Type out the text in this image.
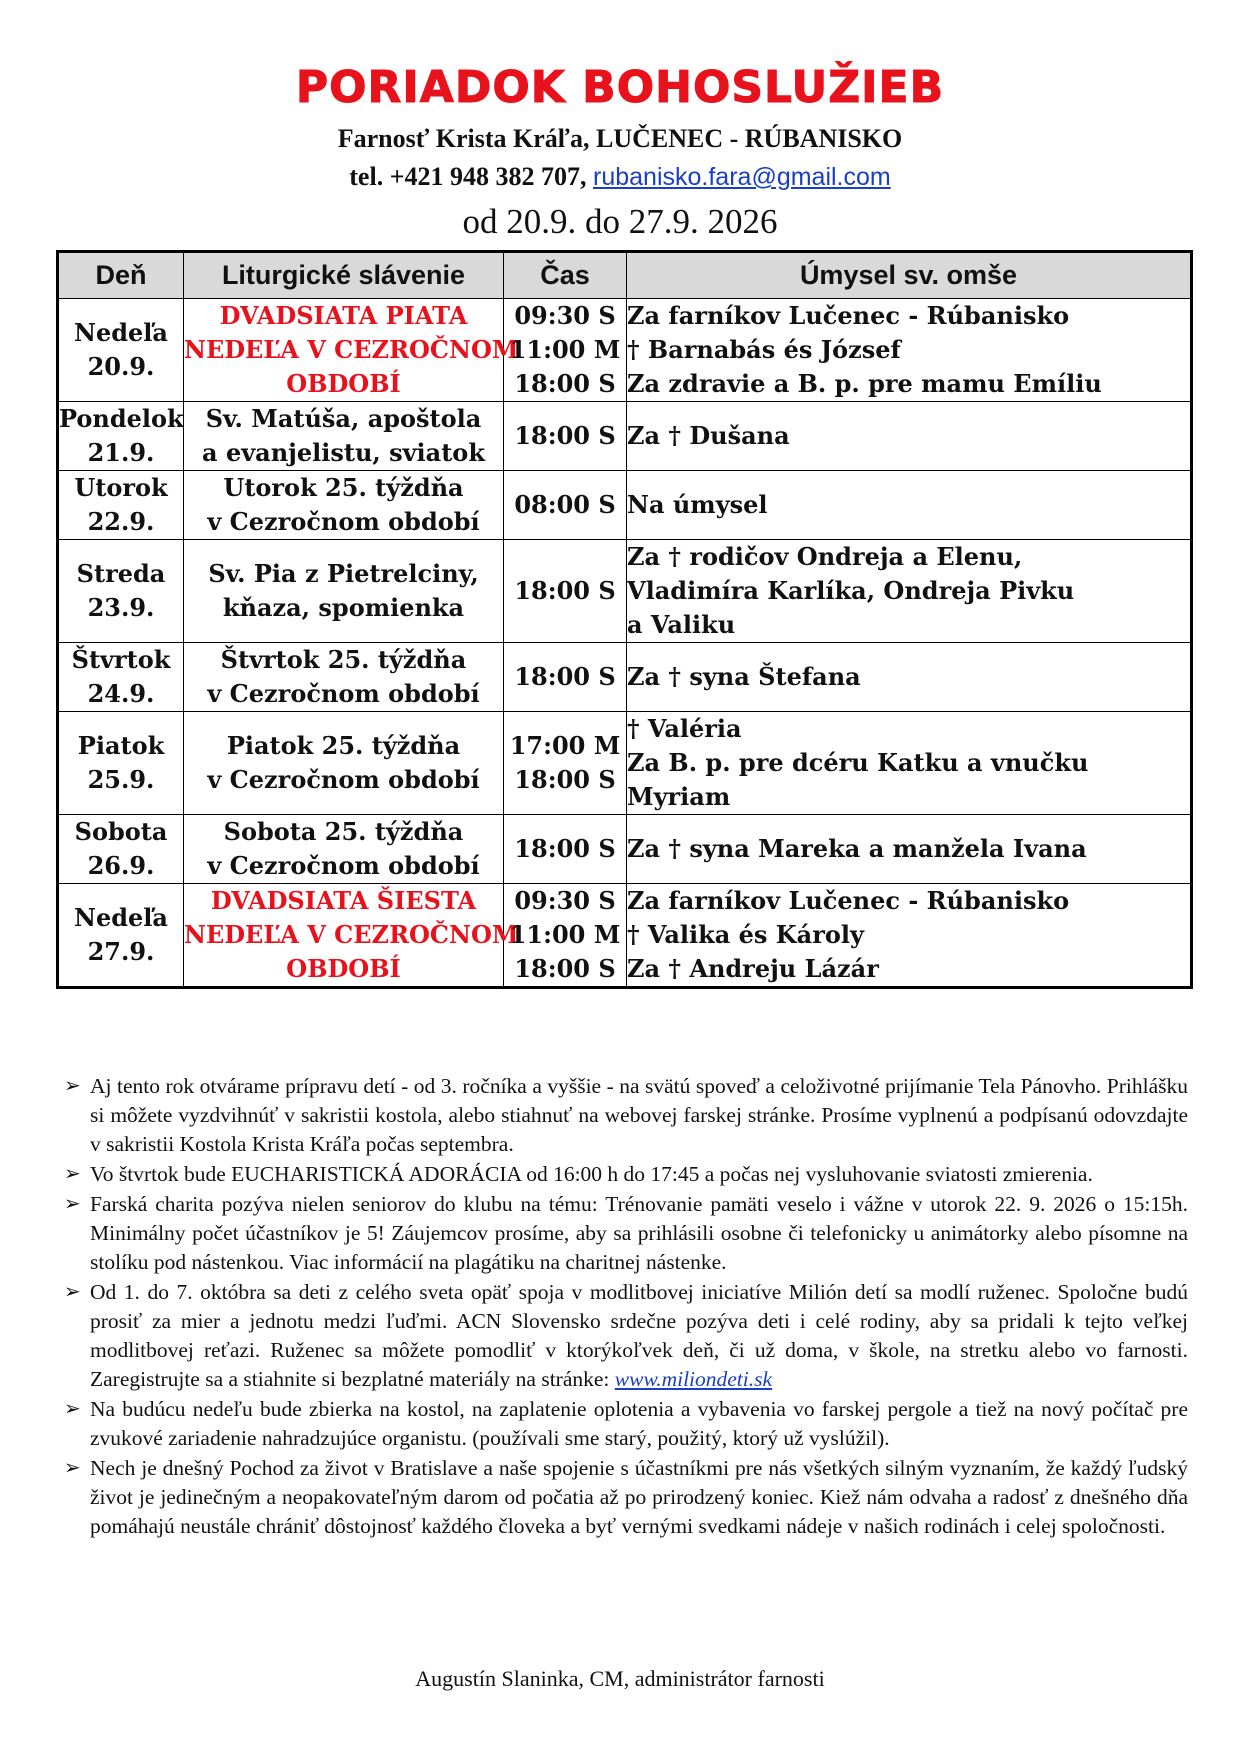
PORIADOK BOHOSLUŽIEB
Farnosť Krista Kráľa, LUČENEC - RÚBANISKO
tel. +421 948 382 707, rubanisko.fara@gmail.com
od 20.9. do 27.9. 2026
Deň	Liturgické slávenie	Čas	Úmysel sv. omše

Nedeľa
20.9.	DVADSIATA PIATA
NEDEĽA V CEZROČNOM
OBDOBÍ	09:30 S
11:00 M
18:00 S	Za farníkov Lučenec - Rúbanisko
† Barnabás és József
Za zdravie a B. p. pre mamu Emíliu

Pondelok
21.9.	Sv. Matúša, apoštola
a evanjelistu, sviatok	18:00 S	Za † Dušana

Utorok
22.9.	Utorok 25. týždňa
v Cezročnom období	08:00 S	Na úmysel

Streda
23.9.	Sv. Pia z Pietrelciny,
kňaza, spomienka	18:00 S	Za † rodičov Ondreja a Elenu,
Vladimíra Karlíka, Ondreja Pivku
a Valiku

Štvrtok
24.9.	Štvrtok 25. týždňa
v Cezročnom období	18:00 S	Za † syna Štefana

Piatok
25.9.	Piatok 25. týždňa
v Cezročnom období	17:00 M
18:00 S	† Valéria
Za B. p. pre dcéru Katku a vnučku
Myriam

Sobota
26.9.	Sobota 25. týždňa
v Cezročnom období	18:00 S	Za † syna Mareka a manžela Ivana

Nedeľa
27.9.	DVADSIATA ŠIESTA
NEDEĽA V CEZROČNOM
OBDOBÍ	09:30 S
11:00 M
18:00 S	Za farníkov Lučenec - Rúbanisko
† Valika és Károly
Za † Andreju Lázár
➢ Aj tento rok otvárame prípravu detí - od 3. ročníka a vyššie - na svätú spoveď a celoživotné prijímanie Tela Pánovho. Prihlášku si môžete vyzdvihnúť v sakristii kostola, alebo stiahnuť na webovej farskej stránke. Prosíme vyplnenú a podpísanú odovzdajte v sakristii Kostola Krista Kráľa počas septembra.
➢ Vo štvrtok bude EUCHARISTICKÁ ADORÁCIA od 16:00 h do 17:45 a počas nej vysluhovanie sviatosti zmierenia.
➢ Farská charita pozýva nielen seniorov do klubu na tému: Trénovanie pamäti veselo i vážne v utorok 22. 9. 2026 o 15:15h. Minimálny počet účastníkov je 5! Záujemcov prosíme, aby sa prihlásili osobne či telefonicky u animátorky alebo písomne na stolíku pod nástenkou. Viac informácií na plagátiku na charitnej nástenke.
➢ Od 1. do 7. októbra sa deti z celého sveta opäť spoja v modlitbovej iniciatíve Milión detí sa modlí ruženec. Spoločne budú prosiť za mier a jednotu medzi ľuďmi. ACN Slovensko srdečne pozýva deti i celé rodiny, aby sa pridali k tejto veľkej modlitbovej reťazi. Ruženec sa môžete pomodliť v ktorýkoľvek deň, či už doma, v škole, na stretku alebo vo farnosti. Zaregistrujte sa a stiahnite si bezplatné materiály na stránke: www.miliondeti.sk
➢ Na budúcu nedeľu bude zbierka na kostol, na zaplatenie oplotenia a vybavenia vo farskej pergole a tiež na nový počítač pre zvukové zariadenie nahradzujúce organistu. (používali sme starý, použitý, ktorý už vyslúžil).
➢ Nech je dnešný Pochod za život v Bratislave a naše spojenie s účastníkmi pre nás všetkých silným vyznaním, že každý ľudský život je jedinečným a neopakovateľným darom od počatia až po prirodzený koniec. Kiež nám odvaha a radosť z dnešného dňa pomáhajú neustále chrániť dôstojnosť každého človeka a byť vernými svedkami nádeje v našich rodinách i celej spoločnosti.
Augustín Slaninka, CM, administrátor farnosti
